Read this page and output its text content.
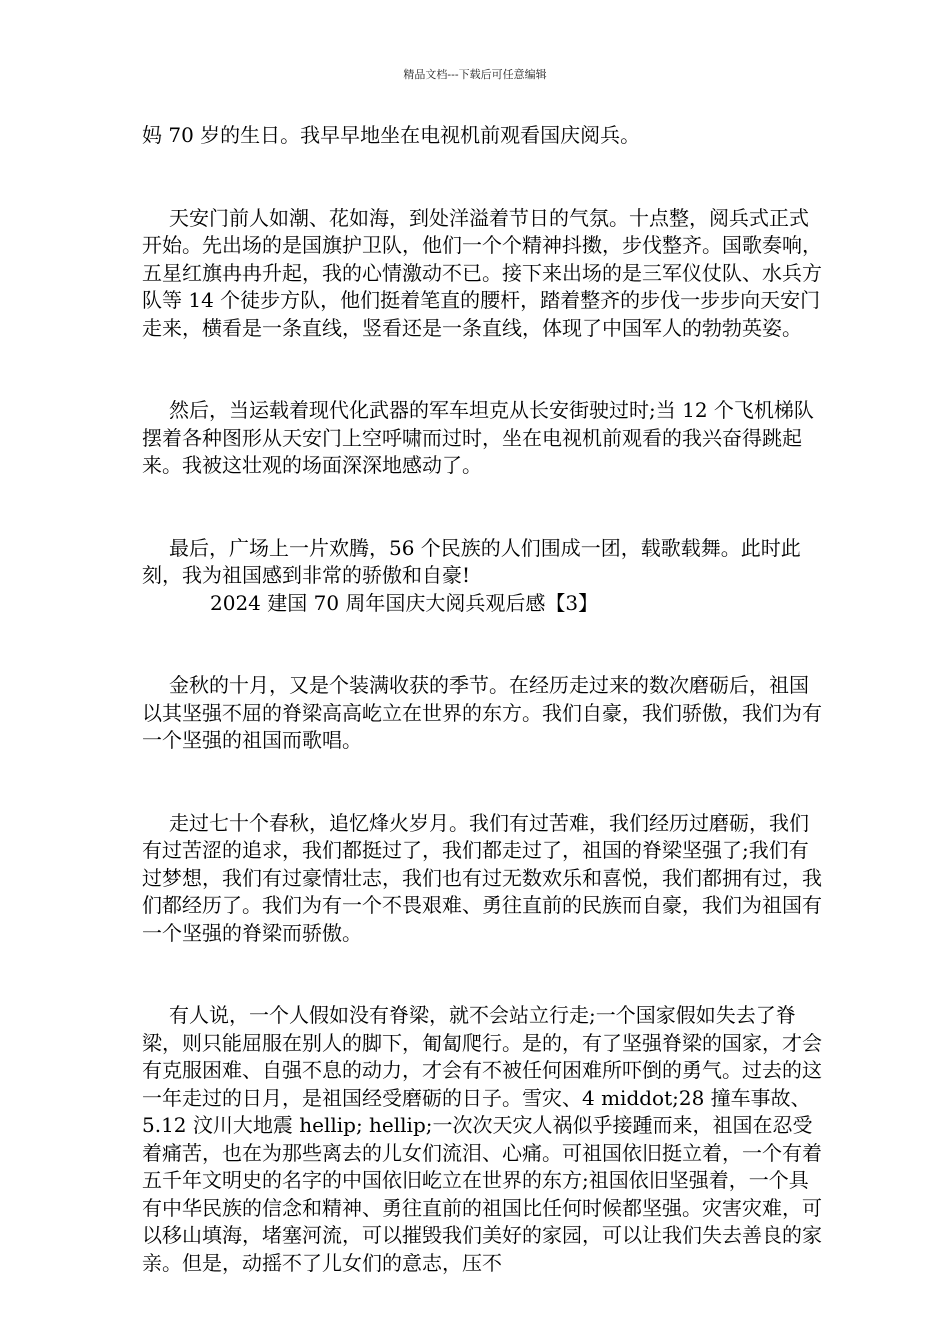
精品文档---下载后可任意编辑

妈 70 岁的生日。我早早地坐在电视机前观看国庆阅兵。

天安门前人如潮、花如海，到处洋溢着节日的气氛。十点整，阅兵式正式开始。先出场的是国旗护卫队，他们一个个精神抖擞，步伐整齐。国歌奏响，五星红旗冉冉升起，我的心情激动不已。接下来出场的是三军仪仗队、水兵方队等 14 个徒步方队，他们挺着笔直的腰杆，踏着整齐的步伐一步步向天安门走来，横看是一条直线，竖看还是一条直线，体现了中国军人的勃勃英姿。

然后，当运载着现代化武器的军车坦克从长安街驶过时;当 12 个飞机梯队摆着各种图形从天安门上空呼啸而过时，坐在电视机前观看的我兴奋得跳起来。我被这壮观的场面深深地感动了。

最后，广场上一片欢腾，56 个民族的人们围成一团，载歌载舞。此时此刻，我为祖国感到非常的骄傲和自豪!

2024 建国 70 周年国庆大阅兵观后感【3】

金秋的十月，又是个装满收获的季节。在经历走过来的数次磨砺后，祖国以其坚强不屈的脊梁高高屹立在世界的东方。我们自豪，我们骄傲，我们为有一个坚强的祖国而歌唱。

走过七十个春秋，追忆烽火岁月。我们有过苦难，我们经历过磨砺，我们有过苦涩的追求，我们都挺过了，我们都走过了，祖国的脊梁坚强了;我们有过梦想，我们有过豪情壮志，我们也有过无数欢乐和喜悦，我们都拥有过，我们都经历了。我们为有一个不畏艰难、勇往直前的民族而自豪，我们为祖国有一个坚强的脊梁而骄傲。

有人说，一个人假如没有脊梁，就不会站立行走;一个国家假如失去了脊梁，则只能屈服在别人的脚下，匍匐爬行。是的，有了坚强脊梁的国家，才会有克服困难、自强不息的动力，才会有不被任何困难所吓倒的勇气。过去的这一年走过的日月，是祖国经受磨砺的日子。雪灾、4 middot;28 撞车事故、5.12 汶川大地震 hellip; hellip;一次次天灾人祸似乎接踵而来，祖国在忍受着痛苦，也在为那些离去的儿女们流泪、心痛。可祖国依旧挺立着，一个有着五千年文明史的名字的中国依旧屹立在世界的东方;祖国依旧坚强着，一个具有中华民族的信念和精神、勇往直前的祖国比任何时候都坚强。灾害灾难，可以移山填海，堵塞河流，可以摧毁我们美好的家园，可以让我们失去善良的家亲。但是，动摇不了儿女们的意志，压不
